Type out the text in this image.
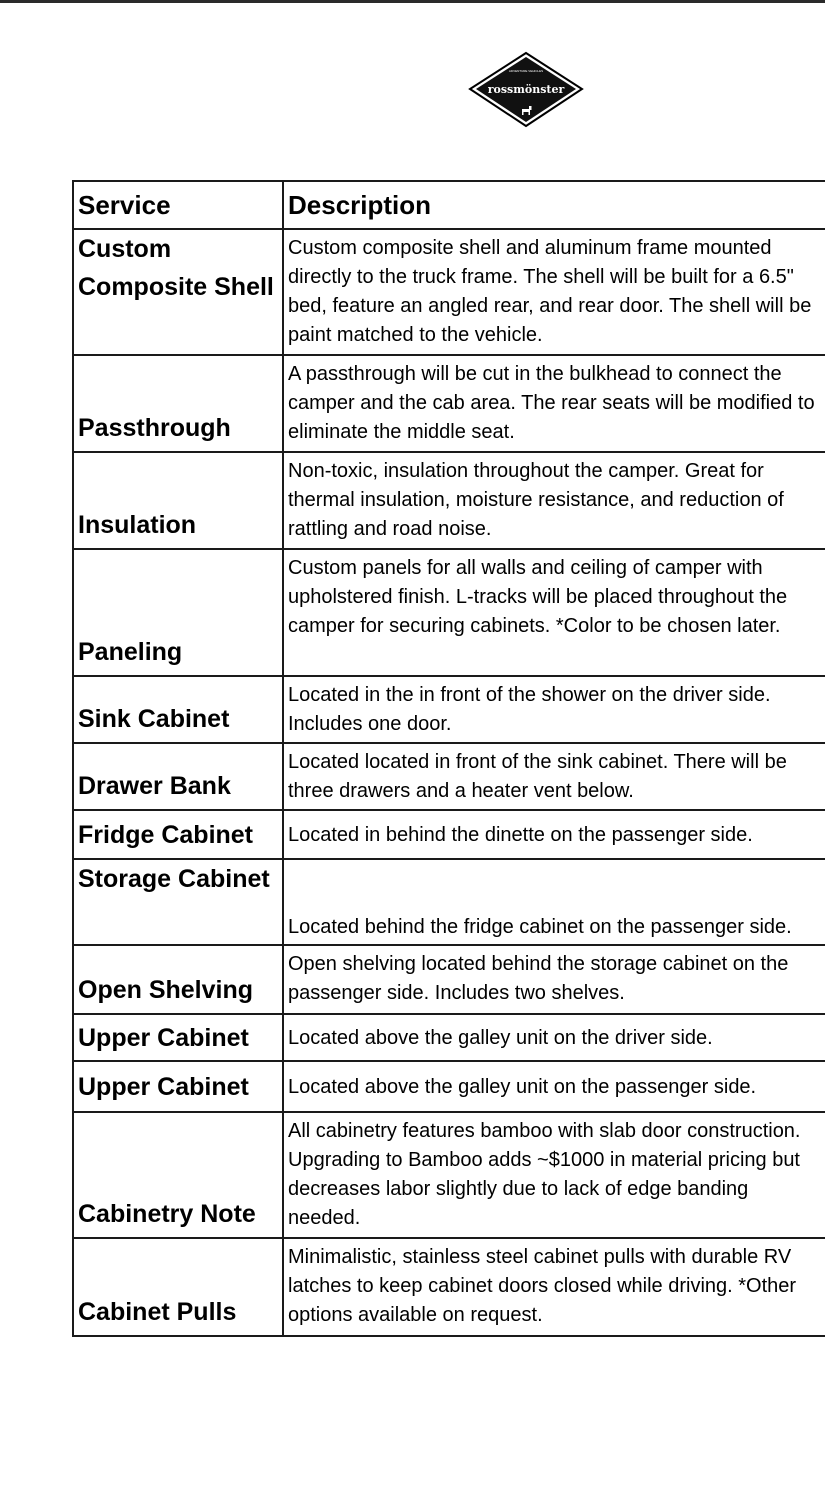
rossmönster
ADVENTURE VEHICLES
Service	Description
Custom Composite Shell	Custom composite shell and aluminum frame mounted directly to the truck frame. The shell will be built for a 6.5" bed, feature an angled rear, and rear door. The shell will be paint matched to the vehicle.
Passthrough	A passthrough will be cut in the bulkhead to connect the camper and the cab area. The rear seats will be modified to eliminate the middle seat.
Insulation	Non-toxic, insulation throughout the camper. Great for thermal insulation, moisture resistance, and reduction of rattling and road noise.
Paneling	Custom panels for all walls and ceiling of camper with upholstered finish. L-tracks will be placed throughout the camper for securing cabinets. *Color to be chosen later.
Sink Cabinet	Located in the in front of the shower on the driver side. Includes one door.
Drawer Bank	Located located in front of the sink cabinet. There will be three drawers and a heater vent below.
Fridge Cabinet	Located in behind the dinette on the passenger side.
Storage Cabinet	Located behind the fridge cabinet on the passenger side.
Open Shelving	Open shelving located behind the storage cabinet on the passenger side. Includes two shelves.
Upper Cabinet	Located above the galley unit on the driver side.
Upper Cabinet	Located above the galley unit on the passenger side.
Cabinetry Note	All cabinetry features bamboo with slab door construction. Upgrading to Bamboo adds ~$1000 in material pricing but decreases labor slightly due to lack of edge banding needed.
Cabinet Pulls	Minimalistic, stainless steel cabinet pulls with durable RV latches to keep cabinet doors closed while driving. *Other options available on request.
